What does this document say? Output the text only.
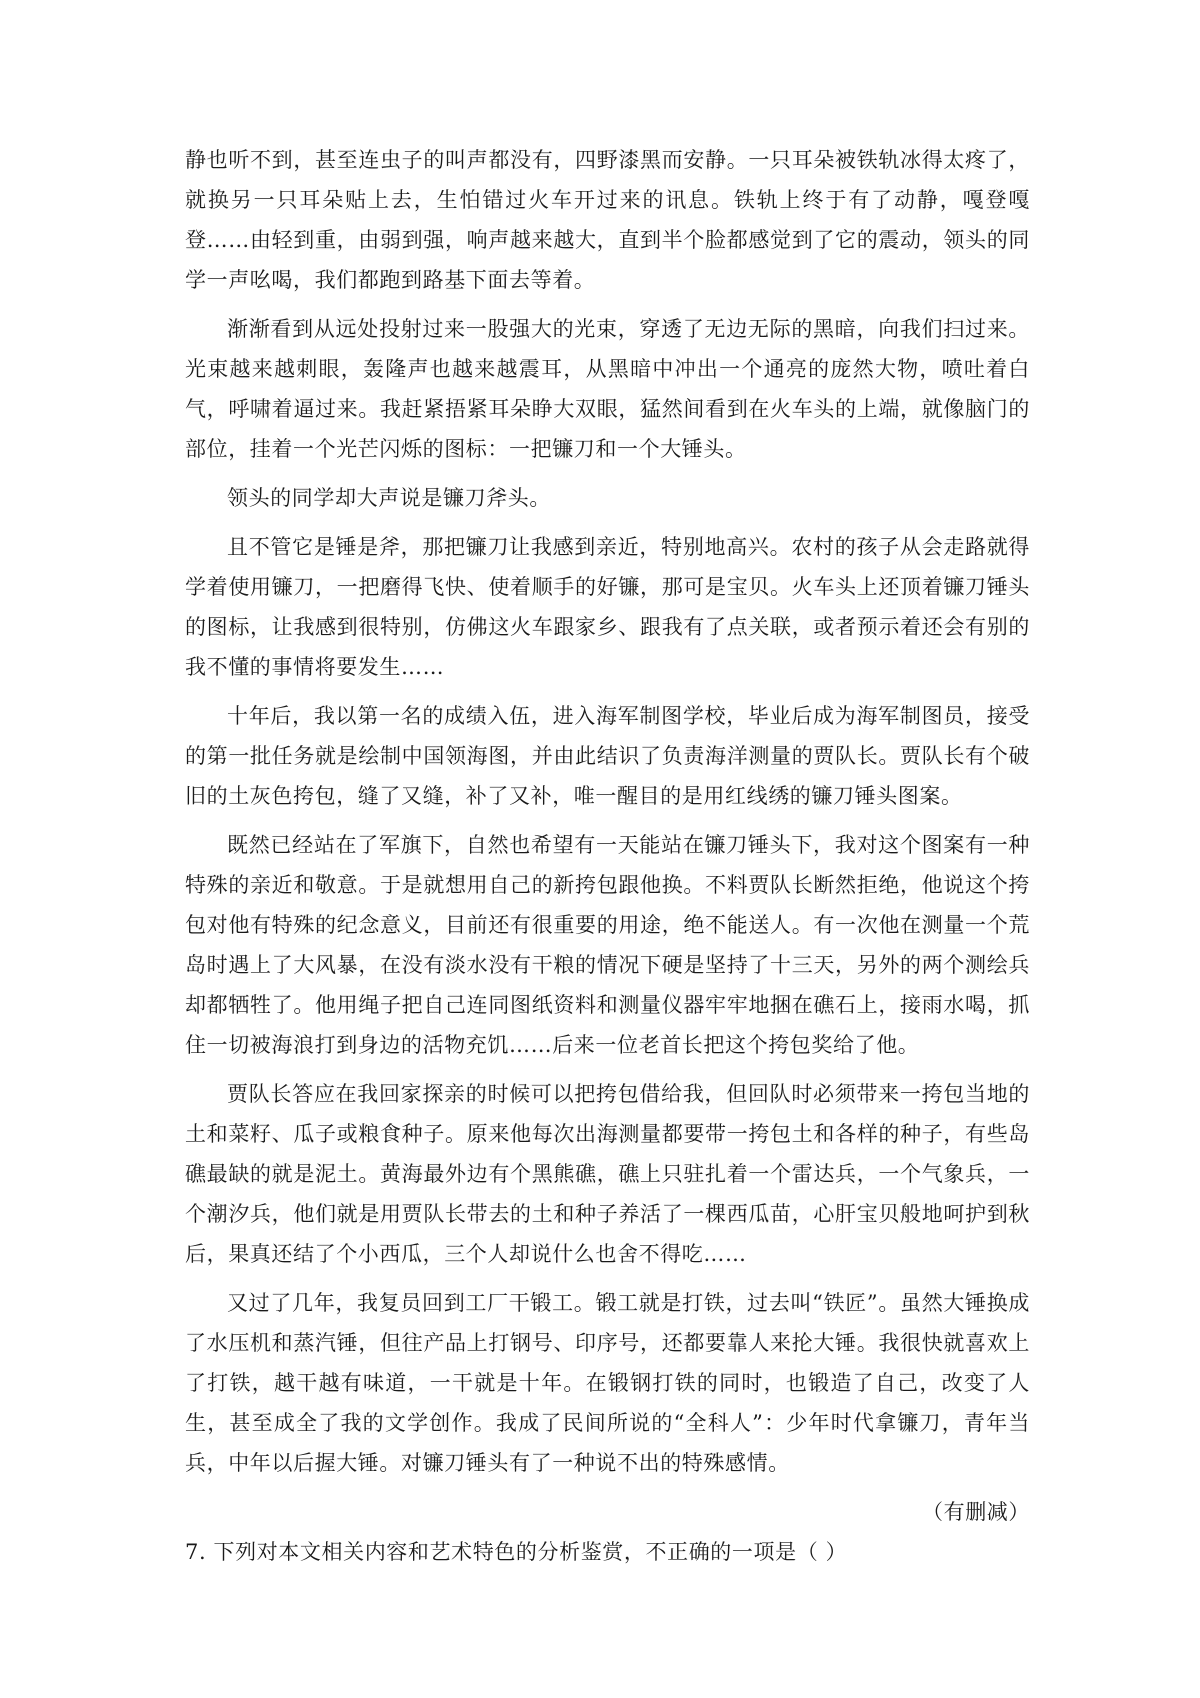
静也听不到，甚至连虫子的叫声都没有，四野漆黑而安静。一只耳朵被铁轨冰得太疼了，就换另一只耳朵贴上去，生怕错过火车开过来的讯息。铁轨上终于有了动静，嘎登嘎登……由轻到重，由弱到强，响声越来越大，直到半个脸都感觉到了它的震动，领头的同学一声吆喝，我们都跑到路基下面去等着。

渐渐看到从远处投射过来一股强大的光束，穿透了无边无际的黑暗，向我们扫过来。光束越来越刺眼，轰隆声也越来越震耳，从黑暗中冲出一个通亮的庞然大物，喷吐着白气，呼啸着逼过来。我赶紧捂紧耳朵睁大双眼，猛然间看到在火车头的上端，就像脑门的部位，挂着一个光芒闪烁的图标：一把镰刀和一个大锤头。

领头的同学却大声说是镰刀斧头。

且不管它是锤是斧，那把镰刀让我感到亲近，特别地高兴。农村的孩子从会走路就得学着使用镰刀，一把磨得飞快、使着顺手的好镰，那可是宝贝。火车头上还顶着镰刀锤头的图标，让我感到很特别，仿佛这火车跟家乡、跟我有了点关联，或者预示着还会有别的我不懂的事情将要发生……

十年后，我以第一名的成绩入伍，进入海军制图学校，毕业后成为海军制图员，接受的第一批任务就是绘制中国领海图，并由此结识了负责海洋测量的贾队长。贾队长有个破旧的土灰色挎包，缝了又缝，补了又补，唯一醒目的是用红线绣的镰刀锤头图案。

既然已经站在了军旗下，自然也希望有一天能站在镰刀锤头下，我对这个图案有一种特殊的亲近和敬意。于是就想用自己的新挎包跟他换。不料贾队长断然拒绝，他说这个挎包对他有特殊的纪念意义，目前还有很重要的用途，绝不能送人。有一次他在测量一个荒岛时遇上了大风暴，在没有淡水没有干粮的情况下硬是坚持了十三天，另外的两个测绘兵却都牺牲了。他用绳子把自己连同图纸资料和测量仪器牢牢地捆在礁石上，接雨水喝，抓住一切被海浪打到身边的活物充饥……后来一位老首长把这个挎包奖给了他。

贾队长答应在我回家探亲的时候可以把挎包借给我，但回队时必须带来一挎包当地的土和菜籽、瓜子或粮食种子。原来他每次出海测量都要带一挎包土和各样的种子，有些岛礁最缺的就是泥土。黄海最外边有个黑熊礁，礁上只驻扎着一个雷达兵，一个气象兵，一个潮汐兵，他们就是用贾队长带去的土和种子养活了一棵西瓜苗，心肝宝贝般地呵护到秋后，果真还结了个小西瓜，三个人却说什么也舍不得吃……

又过了几年，我复员回到工厂干锻工。锻工就是打铁，过去叫“铁匠”。虽然大锤换成了水压机和蒸汽锤，但往产品上打钢号、印序号，还都要靠人来抡大锤。我很快就喜欢上了打铁，越干越有味道，一干就是十年。在锻钢打铁的同时，也锻造了自己，改变了人生，甚至成全了我的文学创作。我成了民间所说的“全科人”：少年时代拿镰刀，青年当兵，中年以后握大锤。对镰刀锤头有了一种说不出的特殊感情。

（有删减）

7. 下列对本文相关内容和艺术特色的分析鉴赏，不正确的一项是（ ）
